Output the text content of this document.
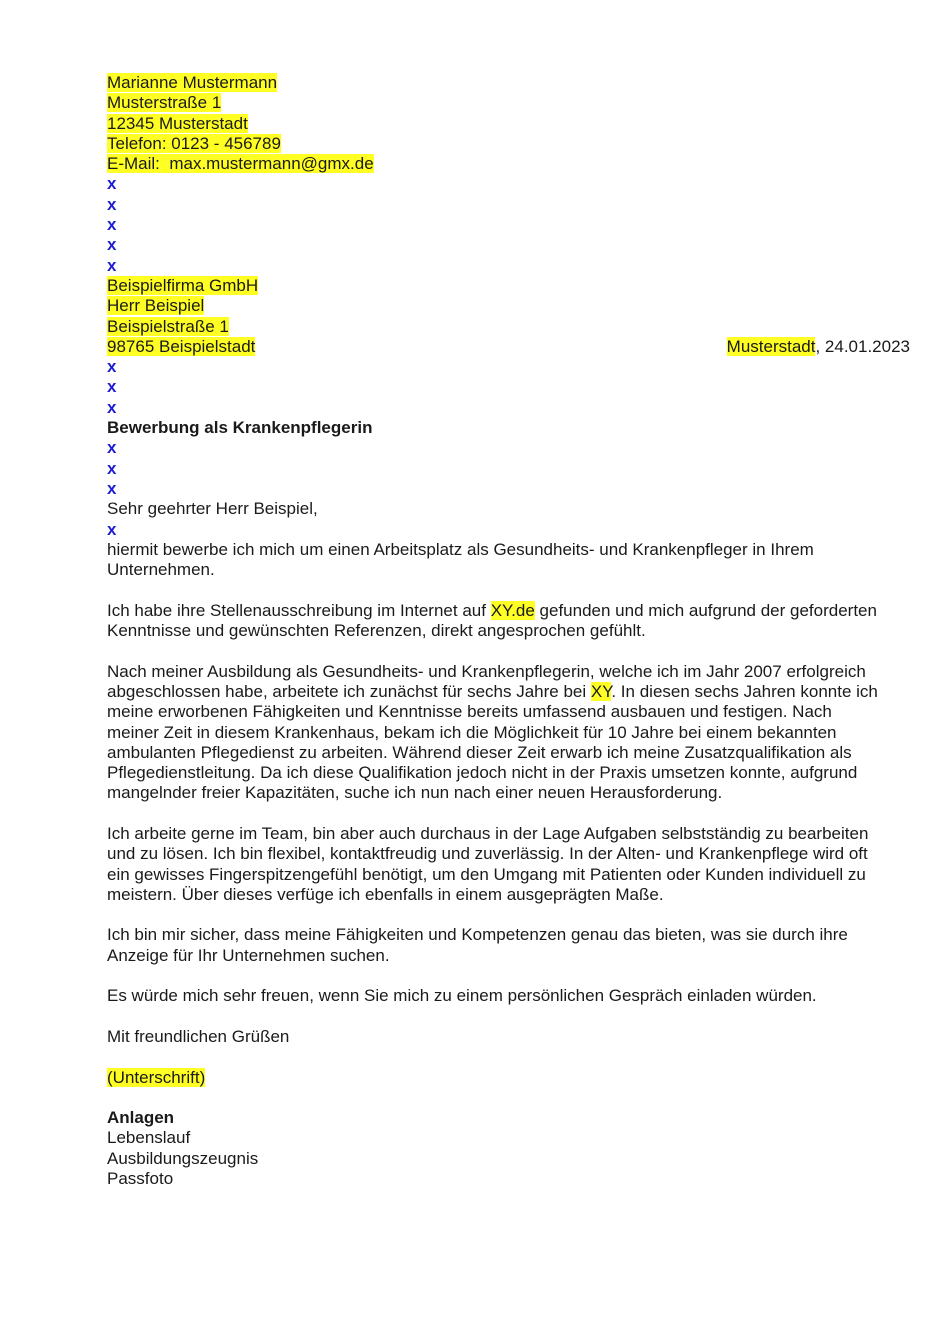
Marianne Mustermann
Musterstraße 1
12345 Musterstadt
Telefon: 0123 - 456789
E-Mail:  max.mustermann@gmx.de
x
x
x
x
x
Beispielfirma GmbH
Herr Beispiel
Beispielstraße 1
98765 Beispielstadt	Musterstadt, 24.01.2023
x
x
x
Bewerbung als Krankenpflegerin
x
x
x
Sehr geehrter Herr Beispiel,
x

hiermit bewerbe ich mich um einen Arbeitsplatz als Gesundheits- und Krankenpfleger in Ihrem
Unternehmen.

Ich habe ihre Stellenausschreibung im Internet auf XY.de gefunden und mich aufgrund der geforderten
Kenntnisse und gewünschten Referenzen, direkt angesprochen gefühlt.

Nach meiner Ausbildung als Gesundheits- und Krankenpflegerin, welche ich im Jahr 2007 erfolgreich
abgeschlossen habe, arbeitete ich zunächst für sechs Jahre bei XY. In diesen sechs Jahren konnte ich
meine erworbenen Fähigkeiten und Kenntnisse bereits umfassend ausbauen und festigen. Nach
meiner Zeit in diesem Krankenhaus, bekam ich die Möglichkeit für 10 Jahre bei einem bekannten
ambulanten Pflegedienst zu arbeiten. Während dieser Zeit erwarb ich meine Zusatzqualifikation als
Pflegedienstleitung. Da ich diese Qualifikation jedoch nicht in der Praxis umsetzen konnte, aufgrund
mangelnder freier Kapazitäten, suche ich nun nach einer neuen Herausforderung.

Ich arbeite gerne im Team, bin aber auch durchaus in der Lage Aufgaben selbstständig zu bearbeiten
und zu lösen. Ich bin flexibel, kontaktfreudig und zuverlässig. In der Alten- und Krankenpflege wird oft
ein gewisses Fingerspitzengefühl benötigt, um den Umgang mit Patienten oder Kunden individuell zu
meistern. Über dieses verfüge ich ebenfalls in einem ausgeprägten Maße.

Ich bin mir sicher, dass meine Fähigkeiten und Kompetenzen genau das bieten, was sie durch ihre
Anzeige für Ihr Unternehmen suchen.

Es würde mich sehr freuen, wenn Sie mich zu einem persönlichen Gespräch einladen würden.

Mit freundlichen Grüßen
(Unterschrift)
Anlagen
Lebenslauf
Ausbildungszeugnis
Passfoto
